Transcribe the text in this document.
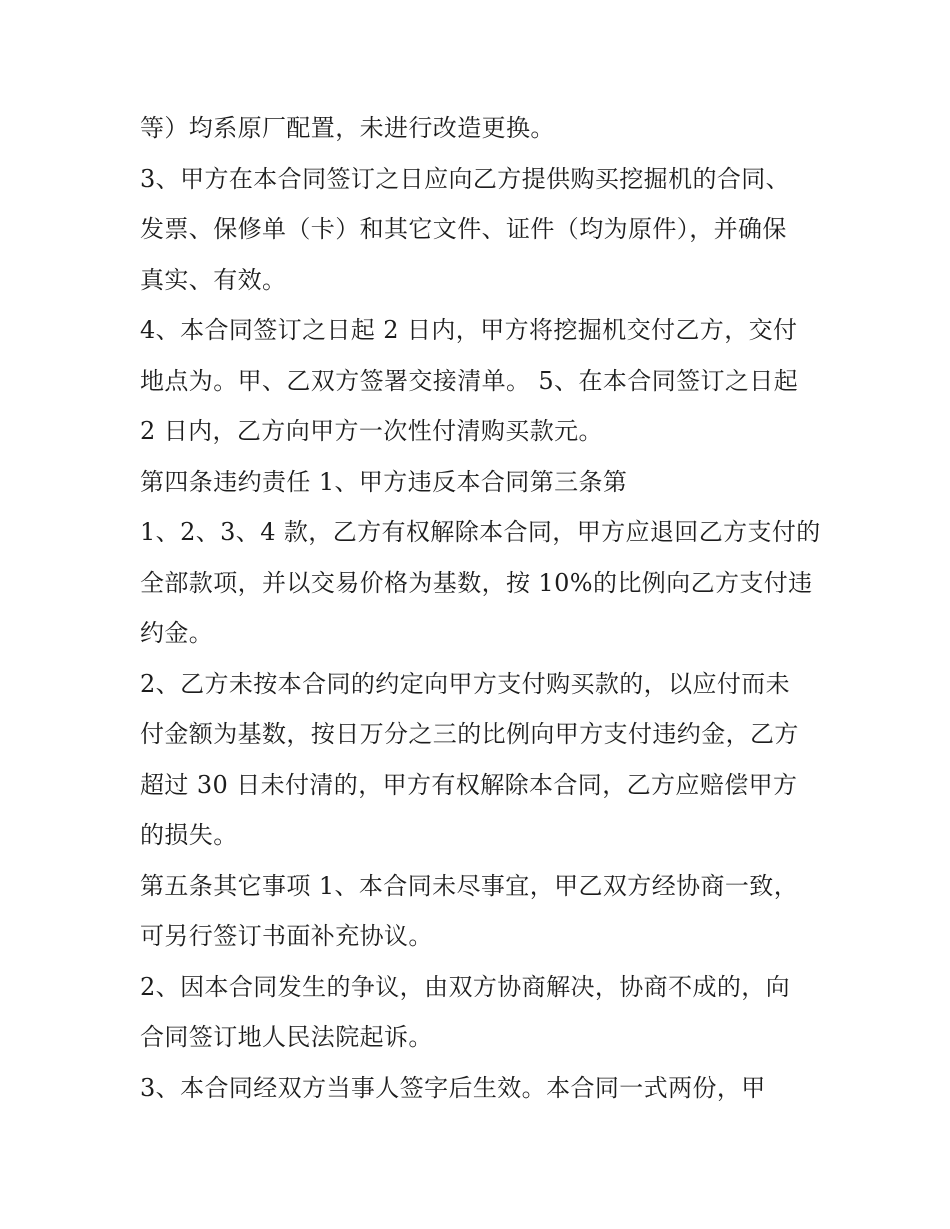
等）均系原厂配置，未进行改造更换。
3、甲方在本合同签订之日应向乙方提供购买挖掘机的合同、
发票、保修单（卡）和其它文件、证件（均为原件），并确保
真实、有效。
4、本合同签订之日起 2 日内，甲方将挖掘机交付乙方，交付
地点为。甲、乙双方签署交接清单。 5、在本合同签订之日起
2 日内，乙方向甲方一次性付清购买款元。
第四条违约责任 1、甲方违反本合同第三条第
1、2、3、4 款，乙方有权解除本合同，甲方应退回乙方支付的
全部款项，并以交易价格为基数，按 10%的比例向乙方支付违
约金。
2、乙方未按本合同的约定向甲方支付购买款的，以应付而未
付金额为基数，按日万分之三的比例向甲方支付违约金，乙方
超过 30 日未付清的，甲方有权解除本合同，乙方应赔偿甲方
的损失。
第五条其它事项 1、本合同未尽事宜，甲乙双方经协商一致，
可另行签订书面补充协议。
2、因本合同发生的争议，由双方协商解决，协商不成的，向
合同签订地人民法院起诉。
3、本合同经双方当事人签字后生效。本合同一式两份，甲
